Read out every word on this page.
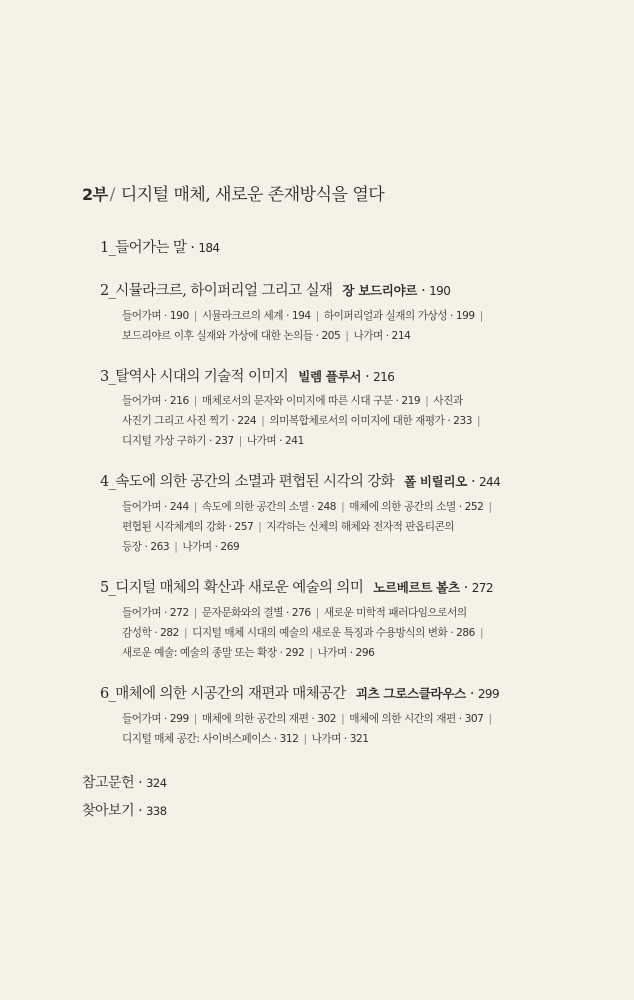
2부 / 디지털 매체, 새로운 존재방식을 열다
1_들어가는 말 · 184
2_시뮬라크르, 하이퍼리얼 그리고 실재 장 보드리야르 · 190
들어가며 · 190 | 시뮬라크르의 세계 · 194 | 하이퍼리얼과 실재의 가상성 · 199 |
보드리야르 이후 실재와 가상에 대한 논의들 · 205 | 나가며 · 214
3_탈역사 시대의 기술적 이미지 빌렘 플루서 · 216
들어가며 · 216 | 매체로서의 문자와 이미지에 따른 시대 구분 · 219 | 사진과
사진기 그리고 사진 찍기 · 224 | 의미복합체로서의 이미지에 대한 재평가 · 233 |
디지털 가상 구하기 · 237 | 나가며 · 241
4_속도에 의한 공간의 소멸과 편협된 시각의 강화 폴 비릴리오 · 244
들어가며 · 244 | 속도에 의한 공간의 소멸 · 248 | 매체에 의한 공간의 소멸 · 252 |
편협된 시각체계의 강화 · 257 | 지각하는 신체의 해체와 전자적 판옵티콘의
등장 · 263 | 나가며 · 269
5_디지털 매체의 확산과 새로운 예술의 의미 노르베르트 볼츠 · 272
들어가며 · 272 | 문자문화와의 결별 · 276 | 새로운 미학적 패러다임으로서의
감성학 · 282 | 디지털 매체 시대의 예술의 새로운 특징과 수용방식의 변화 · 286 |
새로운 예술: 예술의 종말 또는 확장 · 292 | 나가며 · 296
6_매체에 의한 시공간의 재편과 매체공간 괴츠 그로스클라우스 · 299
들어가며 · 299 | 매체에 의한 공간의 재편 · 302 | 매체에 의한 시간의 재편 · 307 |
디지털 매체 공간: 사이버스페이스 · 312 | 나가며 · 321
참고문헌 · 324
찾아보기 · 338
